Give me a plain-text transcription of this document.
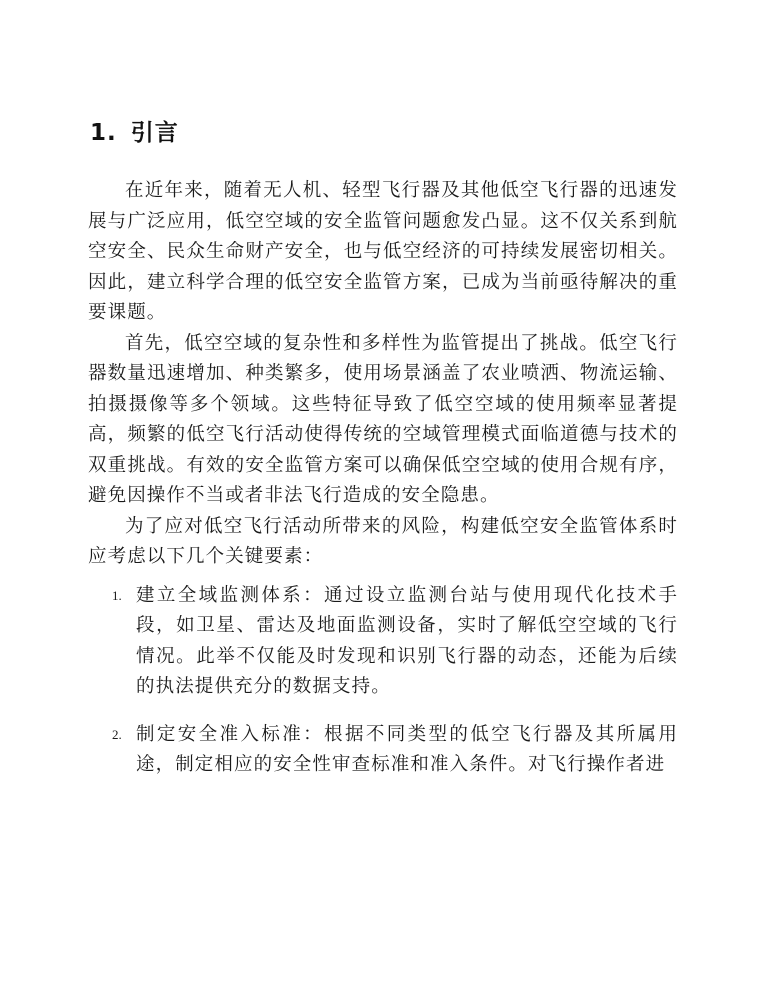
1. 引言

在近年来，随着无人机、轻型飞行器及其他低空飞行器的迅速发展与广泛应用，低空空域的安全监管问题愈发凸显。这不仅关系到航空安全、民众生命财产安全，也与低空经济的可持续发展密切相关。因此，建立科学合理的低空安全监管方案，已成为当前亟待解决的重要课题。

首先，低空空域的复杂性和多样性为监管提出了挑战。低空飞行器数量迅速增加、种类繁多，使用场景涵盖了农业喷洒、物流运输、拍摄摄像等多个领域。这些特征导致了低空空域的使用频率显著提高，频繁的低空飞行活动使得传统的空域管理模式面临道德与技术的双重挑战。有效的安全监管方案可以确保低空空域的使用合规有序，避免因操作不当或者非法飞行造成的安全隐患。

为了应对低空飞行活动所带来的风险，构建低空安全监管体系时应考虑以下几个关键要素：

1. 建立全域监测体系：通过设立监测台站与使用现代化技术手段，如卫星、雷达及地面监测设备，实时了解低空空域的飞行情况。此举不仅能及时发现和识别飞行器的动态，还能为后续的执法提供充分的数据支持。

2. 制定安全准入标准：根据不同类型的低空飞行器及其所属用途，制定相应的安全性审查标准和准入条件。对飞行操作者进
